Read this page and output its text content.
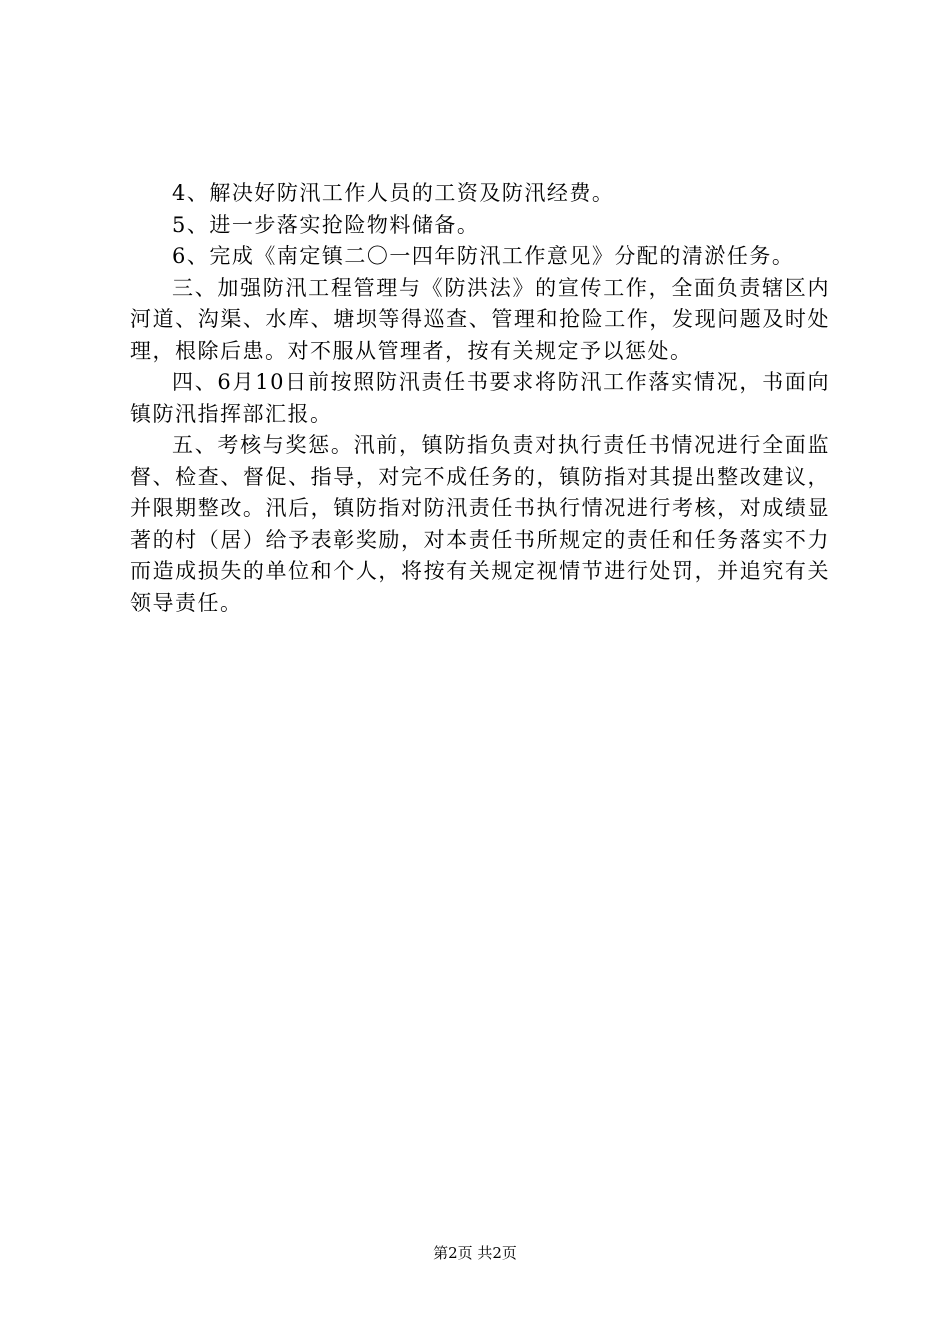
4、解决好防汛工作人员的工资及防汛经费。

5、进一步落实抢险物料储备。

6、完成《南定镇二〇一四年防汛工作意见》分配的清淤任务。

三、加强防汛工程管理与《防洪法》的宣传工作，全面负责辖区内河道、沟渠、水库、塘坝等得巡查、管理和抢险工作，发现问题及时处理，根除后患。对不服从管理者，按有关规定予以惩处。

四、6月10日前按照防汛责任书要求将防汛工作落实情况，书面向镇防汛指挥部汇报。

五、考核与奖惩。汛前，镇防指负责对执行责任书情况进行全面监督、检查、督促、指导，对完不成任务的，镇防指对其提出整改建议，并限期整改。汛后，镇防指对防汛责任书执行情况进行考核，对成绩显著的村（居）给予表彰奖励，对本责任书所规定的责任和任务落实不力而造成损失的单位和个人，将按有关规定视情节进行处罚，并追究有关领导责任。

第2页 共2页
